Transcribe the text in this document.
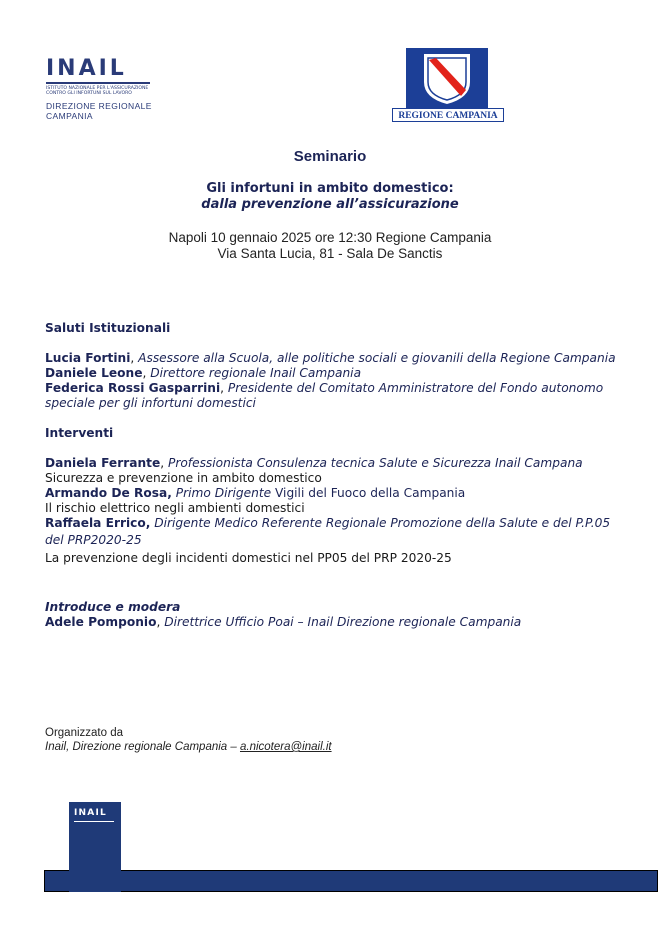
INAIL
ISTITUTO NAZIONALE PER L'ASSICURAZIONE
CONTRO GLI INFORTUNI SUL LAVORO
DIREZIONE REGIONALE
CAMPANIA	REGIONE CAMPANIA
Seminario
Gli infortuni in ambito domestico:
dalla prevenzione all’assicurazione
Napoli 10 gennaio 2025 ore 12:30 Regione Campania
Via Santa Lucia, 81 - Sala De Sanctis
Saluti Istituzionali
Lucia Fortini, Assessore alla Scuola, alle politiche sociali e giovanili della Regione Campania
Daniele Leone, Direttore regionale Inail Campania
Federica Rossi Gasparrini, Presidente del Comitato Amministratore del Fondo autonomo
speciale per gli infortuni domestici
Interventi
Daniela Ferrante, Professionista Consulenza tecnica Salute e Sicurezza Inail Campana
Sicurezza e prevenzione in ambito domestico
Armando De Rosa, Primo Dirigente Vigili del Fuoco della Campania
Il rischio elettrico negli ambienti domestici
Raffaela Errico, Dirigente Medico Referente Regionale Promozione della Salute e del P.P.05
del PRP2020-25
La prevenzione degli incidenti domestici nel PP05 del PRP 2020-25
Introduce e modera
Adele Pomponio, Direttrice Ufficio Poai – Inail Direzione regionale Campania
Organizzato da
Inail, Direzione regionale Campania – a.nicotera@inail.it
INAIL
